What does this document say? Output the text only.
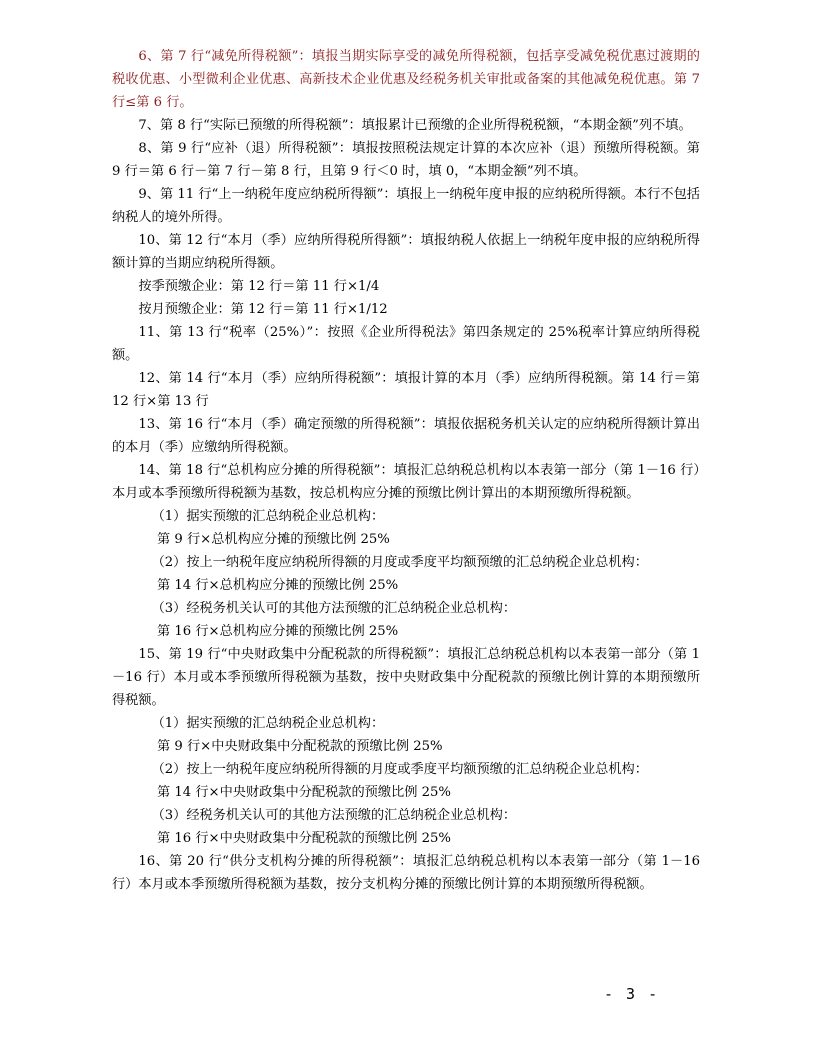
6、第 7 行“减免所得税额”：填报当期实际享受的减免所得税额，包括享受减免税优惠过渡期的税收优惠、小型微利企业优惠、高新技术企业优惠及经税务机关审批或备案的其他减免税优惠。第 7 行≤第 6 行。

7、第 8 行“实际已预缴的所得税额”：填报累计已预缴的企业所得税税额，“本期金额”列不填。

8、第 9 行“应补（退）所得税额”：填报按照税法规定计算的本次应补（退）预缴所得税额。第 9 行＝第 6 行－第 7 行－第 8 行，且第 9 行＜0 时，填 0，“本期金额”列不填。

9、第 11 行“上一纳税年度应纳税所得额”：填报上一纳税年度申报的应纳税所得额。本行不包括纳税人的境外所得。

10、第 12 行“本月（季）应纳所得税所得额”：填报纳税人依据上一纳税年度申报的应纳税所得额计算的当期应纳税所得额。

按季预缴企业：第 12 行＝第 11 行×1/4

按月预缴企业：第 12 行＝第 11 行×1/12

11、第 13 行“税率（25%）”：按照《企业所得税法》第四条规定的 25%税率计算应纳所得税额。

12、第 14 行“本月（季）应纳所得税额”：填报计算的本月（季）应纳所得税额。第 14 行＝第 12 行×第 13 行

13、第 16 行“本月（季）确定预缴的所得税额”：填报依据税务机关认定的应纳税所得额计算出的本月（季）应缴纳所得税额。

14、第 18 行“总机构应分摊的所得税额”：填报汇总纳税总机构以本表第一部分（第 1－16 行）本月或本季预缴所得税额为基数，按总机构应分摊的预缴比例计算出的本期预缴所得税额。

（1）据实预缴的汇总纳税企业总机构：

第 9 行×总机构应分摊的预缴比例 25%

（2）按上一纳税年度应纳税所得额的月度或季度平均额预缴的汇总纳税企业总机构：

第 14 行×总机构应分摊的预缴比例 25%

（3）经税务机关认可的其他方法预缴的汇总纳税企业总机构：

第 16 行×总机构应分摊的预缴比例 25%

15、第 19 行“中央财政集中分配税款的所得税额”：填报汇总纳税总机构以本表第一部分（第 1－16 行）本月或本季预缴所得税额为基数，按中央财政集中分配税款的预缴比例计算的本期预缴所得税额。

（1）据实预缴的汇总纳税企业总机构：

第 9 行×中央财政集中分配税款的预缴比例 25%

（2）按上一纳税年度应纳税所得额的月度或季度平均额预缴的汇总纳税企业总机构：

第 14 行×中央财政集中分配税款的预缴比例 25%

（3）经税务机关认可的其他方法预缴的汇总纳税企业总机构：

第 16 行×中央财政集中分配税款的预缴比例 25%

16、第 20 行“供分支机构分摊的所得税额”：填报汇总纳税总机构以本表第一部分（第 1－16 行）本月或本季预缴所得税额为基数，按分支机构分摊的预缴比例计算的本期预缴所得税额。

- 3 -
